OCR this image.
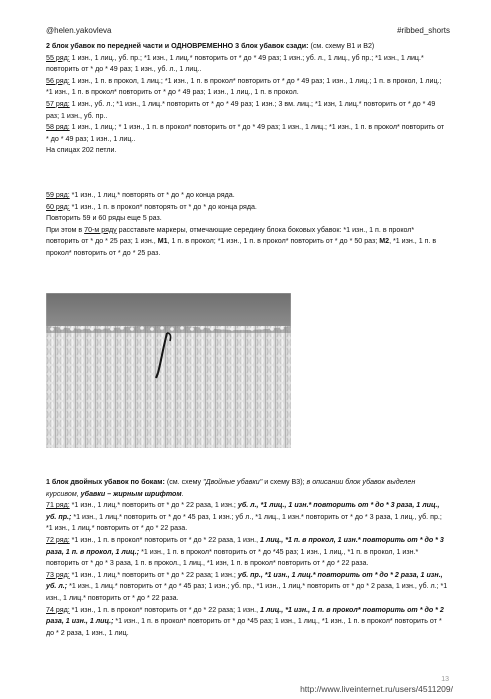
@helen.yakovleva	#ribbed_shorts

2 блок убавок по передней части и ОДНОВРЕМЕННО 3 блок убавок сзади: (см. схему В1 и В2)

55 ряд: 1 изн., 1 лиц., уб. пр.; *1 изн., 1 лиц.* повторить от * до * 49 раз; 1 изн.; уб. л., 1 лиц., уб пр.; *1 изн., 1 лиц.* повторить от * до * 49 раз; 1 изн., уб. л., 1 лиц..

56 ряд: 1 изн., 1 п. в прокол, 1 лиц.; *1 изн., 1 п. в прокол* повторить от * до * 49 раз; 1 изн., 1 лиц.; 1 п. в прокол, 1 лиц.; *1 изн., 1 п. в прокол* повторить от * до * 49 раз; 1 изн., 1 лиц., 1 п. в прокол.

57 ряд: 1 изн., уб. л.; *1 изн., 1 лиц.* повторить от * до * 49 раз; 1 изн.; 3 вм. лиц.; *1 изн, 1 лиц.* повторить от * до * 49 раз; 1 изн., уб. пр..

58 ряд: 1 изн., 1 лиц.; * 1 изн., 1 п. в прокол* повторить от * до * 49 раз; 1 изн., 1 лиц.; *1 изн., 1 п. в прокол* повторить от * до * 49 раз; 1 изн., 1 лиц..

На спицах 202 петли.

59 ряд: *1 изн., 1 лиц.* повторять от * до * до конца ряда.

60 ряд: *1 изн., 1 п. в прокол* повторять от * до * до конца ряда.

Повторить 59 и 60 ряды еще 5 раз.

При этом в 70-м ряду расставьте маркеры, отмечающие середину блока боковых убавок: *1 изн., 1 п. в прокол* повторить от * до * 25 раз; 1 изн., М1, 1 п. в прокол; *1 изн., 1 п. в прокол* повторить от * до * 50 раз; М2, *1 изн., 1 п. в прокол* повторить от * до * 25 раз.

1 блок двойных убавок по бокам: (см. схему "Двойные убавки" и схему В3); в описании блок убавок выделен курсивом, убавки – жирным шрифтом.

71 ряд: *1 изн., 1 лиц.* повторить от * до * 22 раза, 1 изн.; уб. л., *1 лиц., 1 изн.* повторить от * до * 3 раза, 1 лиц., уб. пр.; *1 изн., 1 лиц.* повторить от * до * 45 раз, 1 изн.; уб л., *1 лиц., 1 изн.* повторить от * до * 3 раза, 1 лиц., уб. пр.; *1 изн., 1 лиц.* повторить от * до * 22 раза.

72 ряд: *1 изн., 1 п. в прокол* повторить от * до * 22 раза, 1 изн., 1 лиц., *1 п. в прокол, 1 изн.* повторить от * до * 3 раза, 1 п. в прокол, 1 лиц.; *1 изн., 1 п. в прокол* повторить от * до *45 раз; 1 изн., 1 лиц., *1 п. в прокол, 1 изн.* повторить от * до * 3 раза, 1 п. в прокол., 1 лиц., *1 изн, 1 п. в прокол* повторить от * до * 22 раза.

73 ряд: *1 изн., 1 лиц.* повторить от * до * 22 раза; 1 изн.; уб. пр., *1 изн., 1 лиц.* повторить от * до * 2 раза, 1 изн., уб. л.; *1 изн., 1 лиц.* повторить от * до * 45 раз; 1 изн.; уб. пр., *1 изн., 1 лиц.* повторить от * до * 2 раза, 1 изн., уб. л.; *1 изн., 1 лиц.* повторить от * до * 22 раза.

74 ряд: *1 изн., 1 п. в прокол* повторить от * до * 22 раза; 1 изн., 1 лиц., *1 изн., 1 п. в прокол* повторить от * до * 2 раза, 1 изн., 1 лиц.; *1 изн., 1 п. в прокол* повторить от * до *45 раз; 1 изн., 1 лиц., *1 изн., 1 п. в прокол* повторить от * до * 2 раза, 1 изн., 1 лиц.

13
http://www.liveinternet.ru/users/4511209/
